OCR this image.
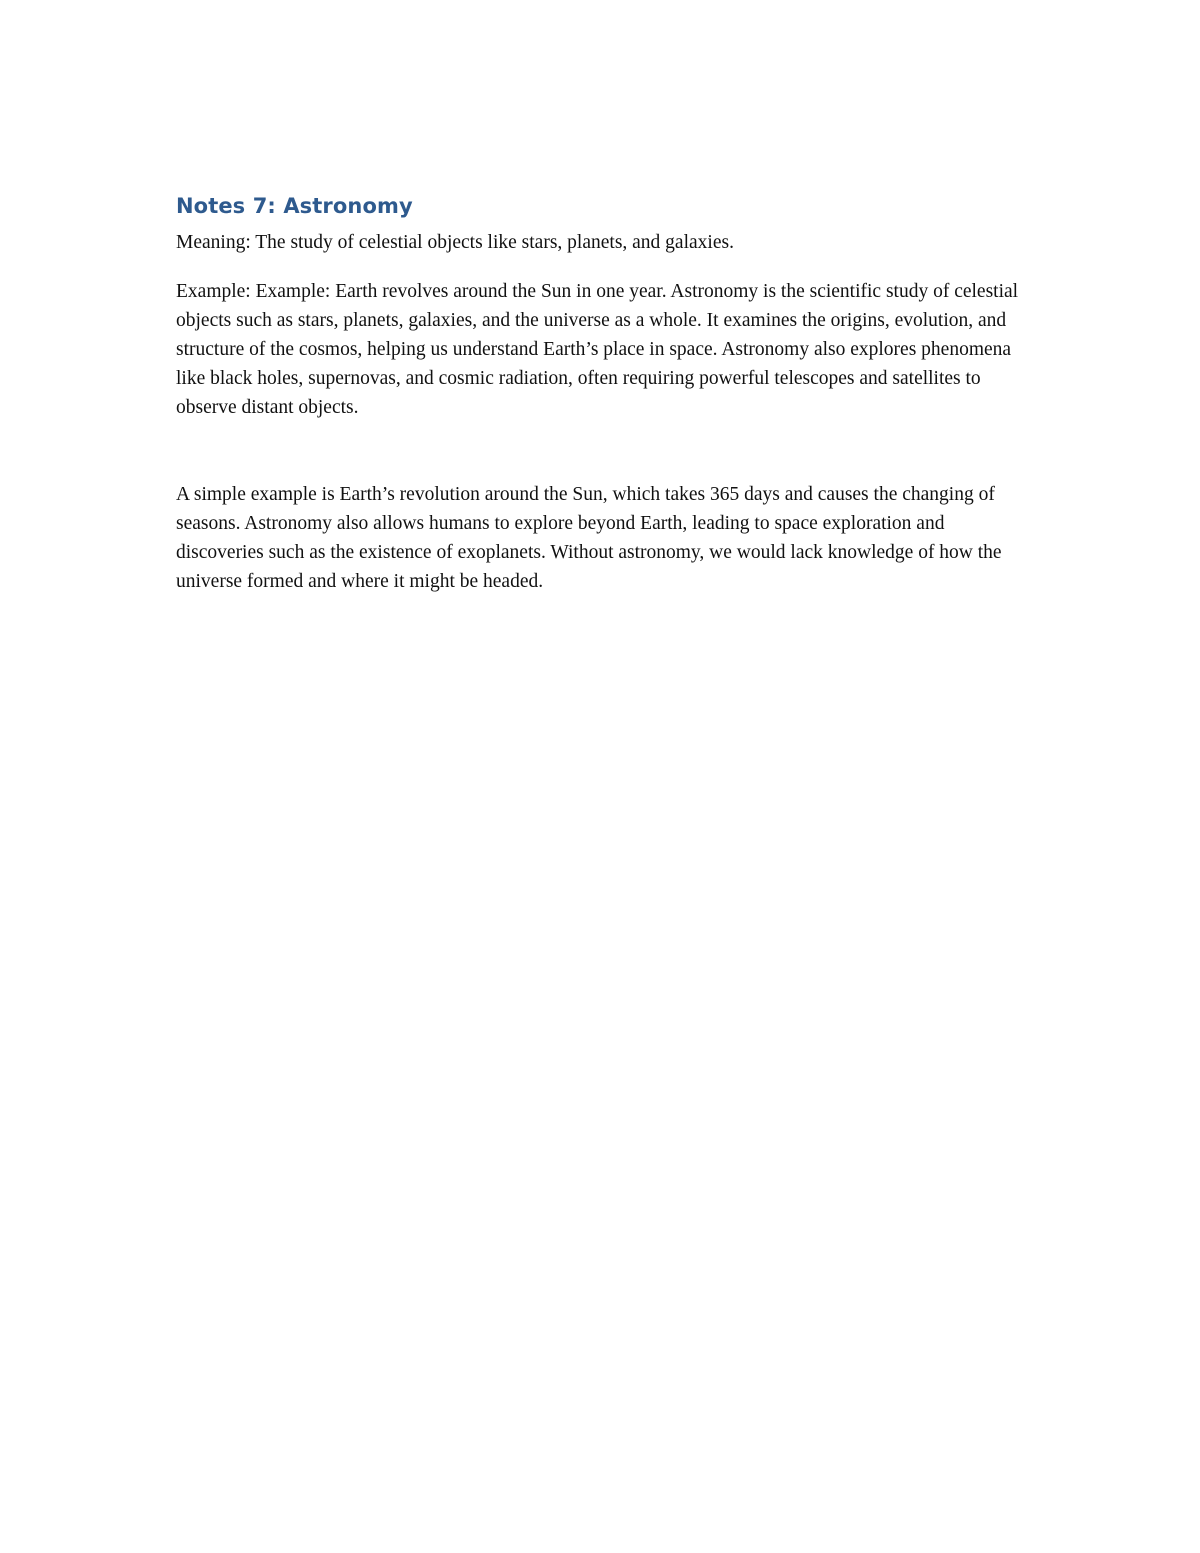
Notes 7: Astronomy

Meaning: The study of celestial objects like stars, planets, and galaxies.

Example: Example: Earth revolves around the Sun in one year. Astronomy is the scientific study of celestial objects such as stars, planets, galaxies, and the universe as a whole. It examines the origins, evolution, and structure of the cosmos, helping us understand Earth’s place in space. Astronomy also explores phenomena like black holes, supernovas, and cosmic radiation, often requiring powerful telescopes and satellites to observe distant objects.

A simple example is Earth’s revolution around the Sun, which takes 365 days and causes the changing of seasons. Astronomy also allows humans to explore beyond Earth, leading to space exploration and discoveries such as the existence of exoplanets. Without astronomy, we would lack knowledge of how the universe formed and where it might be headed.
